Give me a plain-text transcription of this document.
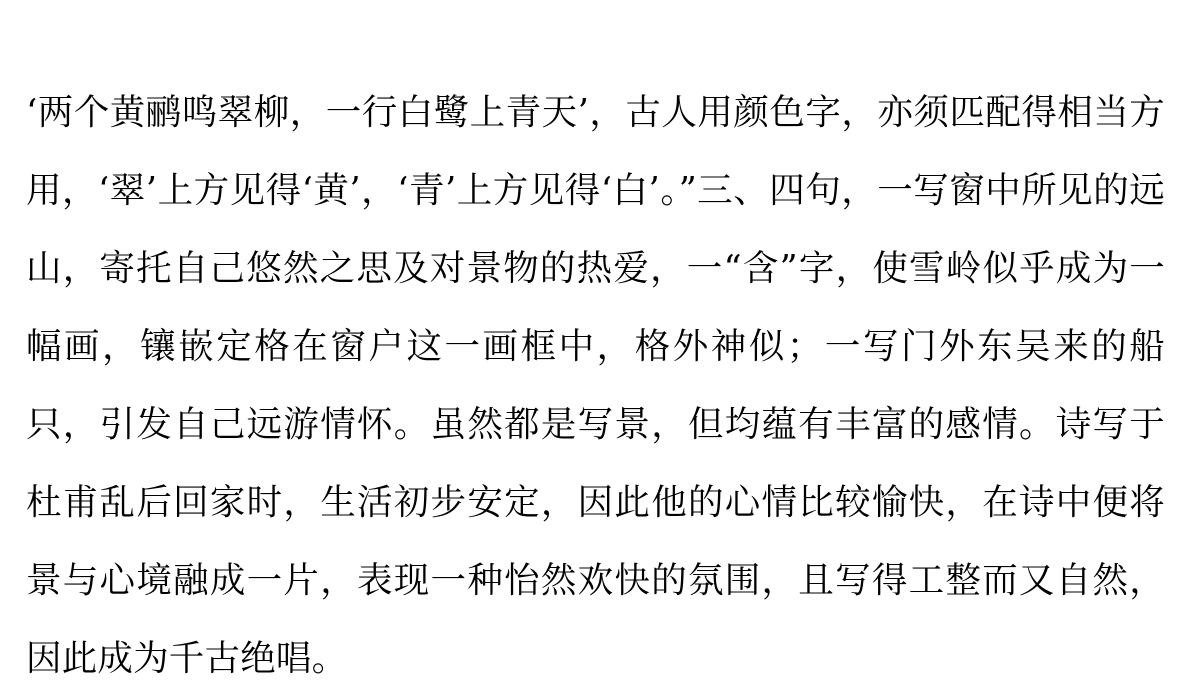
‘两个黄鹂鸣翠柳，一行白鹭上青天’，古人用颜色字，亦须匹配得相当方用，‘翠’上方见得‘黄’，‘青’上方见得‘白’。”三、四句，一写窗中所见的远山，寄托自己悠然之思及对景物的热爱，一“含”字，使雪岭似乎成为一幅画，镶嵌定格在窗户这一画框中，格外神似；一写门外东吴来的船只，引发自己远游情怀。虽然都是写景，但均蕴有丰富的感情。诗写于杜甫乱后回家时，生活初步安定，因此他的心情比较愉快，在诗中便将景与心境融成一片，表现一种怡然欢快的氛围，且写得工整而又自然，因此成为千古绝唱。
